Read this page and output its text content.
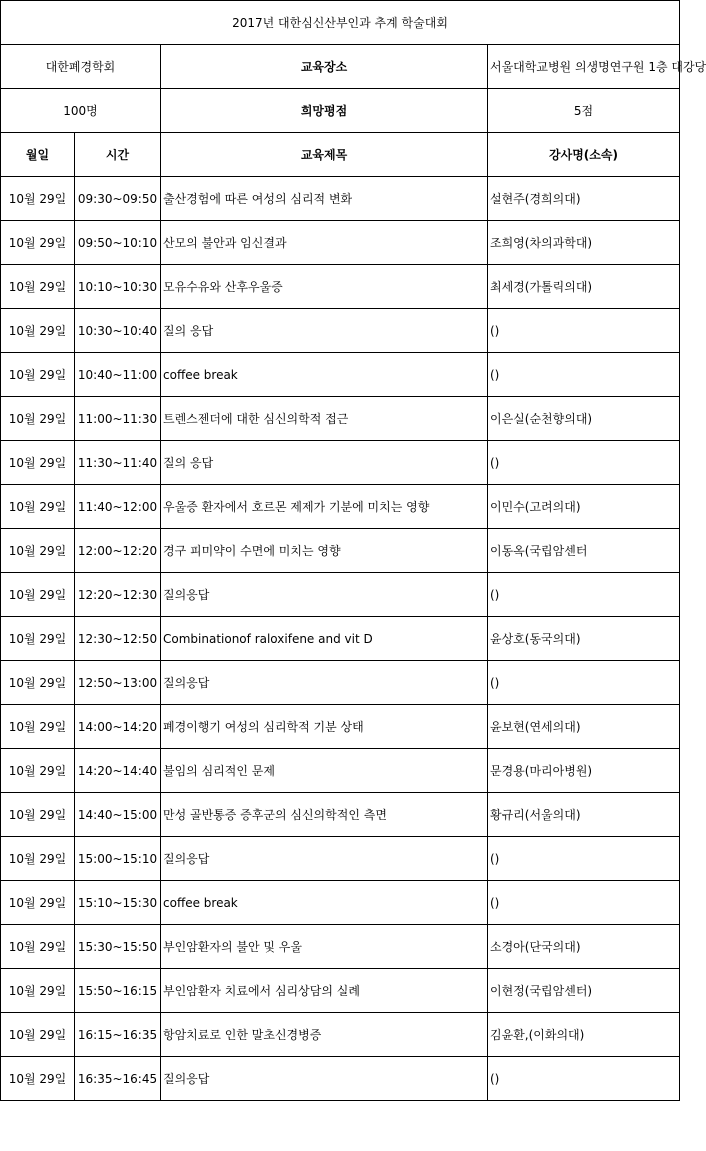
2017년 대한심신산부인과 추계 학술대회			
대한폐경학회		교육장소	서울대학교병원 의생명연구원 1층 대강당
100명		희망평점	5점
월일	시간	교육제목	강사명(소속)
10월 29일	09:30~09:50	출산경험에 따른 여성의 심리적 변화	설현주(경희의대)
10월 29일	09:50~10:10	산모의 불안과 임신결과	조희영(차의과학대)
10월 29일	10:10~10:30	모유수유와 산후우울증	최세경(가톨릭의대)
10월 29일	10:30~10:40	질의 응답	()
10월 29일	10:40~11:00	coffee break	()
10월 29일	11:00~11:30	트렌스젠더에 대한 심신의학적 접근	이은실(순천향의대)
10월 29일	11:30~11:40	질의 응답	()
10월 29일	11:40~12:00	우울증 환자에서 호르몬 제제가 기분에 미치는 영향	이민수(고려의대)
10월 29일	12:00~12:20	경구 피미약이 수면에 미치는 영향	이동옥(국립암센터
10월 29일	12:20~12:30	질의응답	()
10월 29일	12:30~12:50	Combinationof raloxifene and vit D	윤상호(동국의대)
10월 29일	12:50~13:00	질의응답	()
10월 29일	14:00~14:20	폐경이행기 여성의 심리학적 기분 상태	윤보현(연세의대)
10월 29일	14:20~14:40	불임의 심리적인 문제	문경용(마리아병원)
10월 29일	14:40~15:00	만성 골반통증 증후군의 심신의학적인 측면	황규리(서울의대)
10월 29일	15:00~15:10	질의응답	()
10월 29일	15:10~15:30	coffee break	()
10월 29일	15:30~15:50	부인암환자의 불안 및 우울	소경아(단국의대)
10월 29일	15:50~16:15	부인암환자 치료에서 심리상담의 실례	이현정(국립암센터)
10월 29일	16:15~16:35	항암치료로 인한 말초신경병증	김윤환,(이화의대)
10월 29일	16:35~16:45	질의응답	()
